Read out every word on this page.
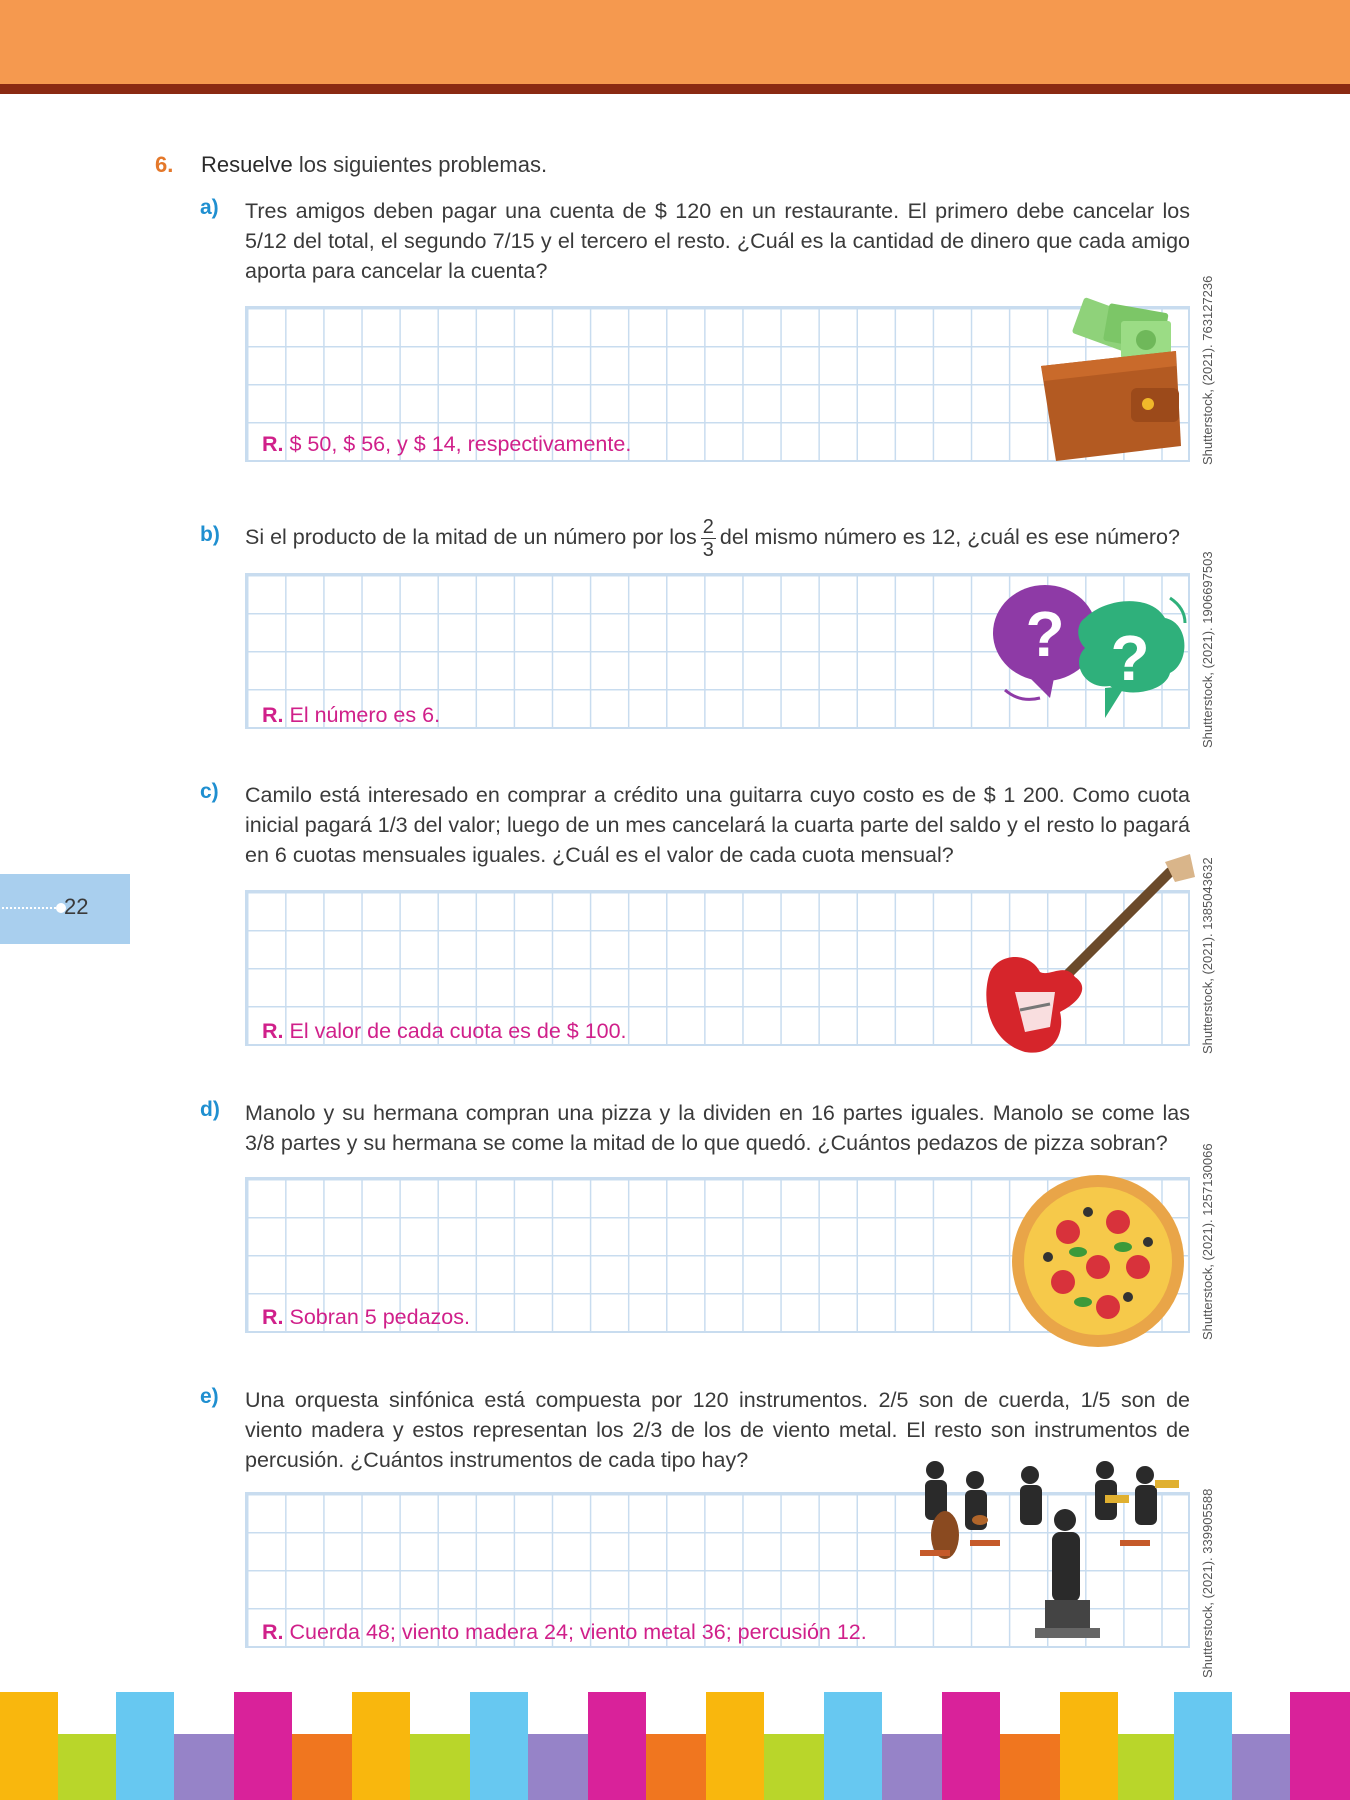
22
6. Resuelve los siguientes problemas.
a) Tres amigos deben pagar una cuenta de $ 120 en un restaurante. El primero debe cancelar los 5/12 del total, el segundo 7/15 y el tercero el resto. ¿Cuál es la cantidad de dinero que cada amigo aporta para cancelar la cuenta?
R. $ 50, $ 56, y $ 14, respectivamente.	Shutterstock, (2021). 763127236
b) Si el producto de la mitad de un número por los $\frac{2}{3}$ del mismo número es 12, ¿cuál es ese número?
R. El número es 6.
? ?	Shutterstock, (2021). 1906697503
c) Camilo está interesado en comprar a crédito una guitarra cuyo costo es de $ 1 200. Como cuota inicial pagará 1/3 del valor; luego de un mes cancelará la cuarta parte del saldo y el resto lo pagará en 6 cuotas mensuales iguales. ¿Cuál es el valor de cada cuota mensual?
R. El valor de cada cuota es de $ 100.	Shutterstock, (2021). 1385043632
d) Manolo y su hermana compran una pizza y la dividen en 16 partes iguales. Manolo se come las 3/8 partes y su hermana se come la mitad de lo que quedó. ¿Cuántos pedazos de pizza sobran?
R. Sobran 5 pedazos.	Shutterstock, (2021). 1257130066
e) Una orquesta sinfónica está compuesta por 120 instrumentos. 2/5 son de cuerda, 1/5 son de viento madera y estos representan los 2/3 de los de viento metal. El resto son instrumentos de percusión. ¿Cuántos instrumentos de cada tipo hay?
R. Cuerda 48; viento madera 24; viento metal 36; percusión 12.	Shutterstock, (2021). 339905588
